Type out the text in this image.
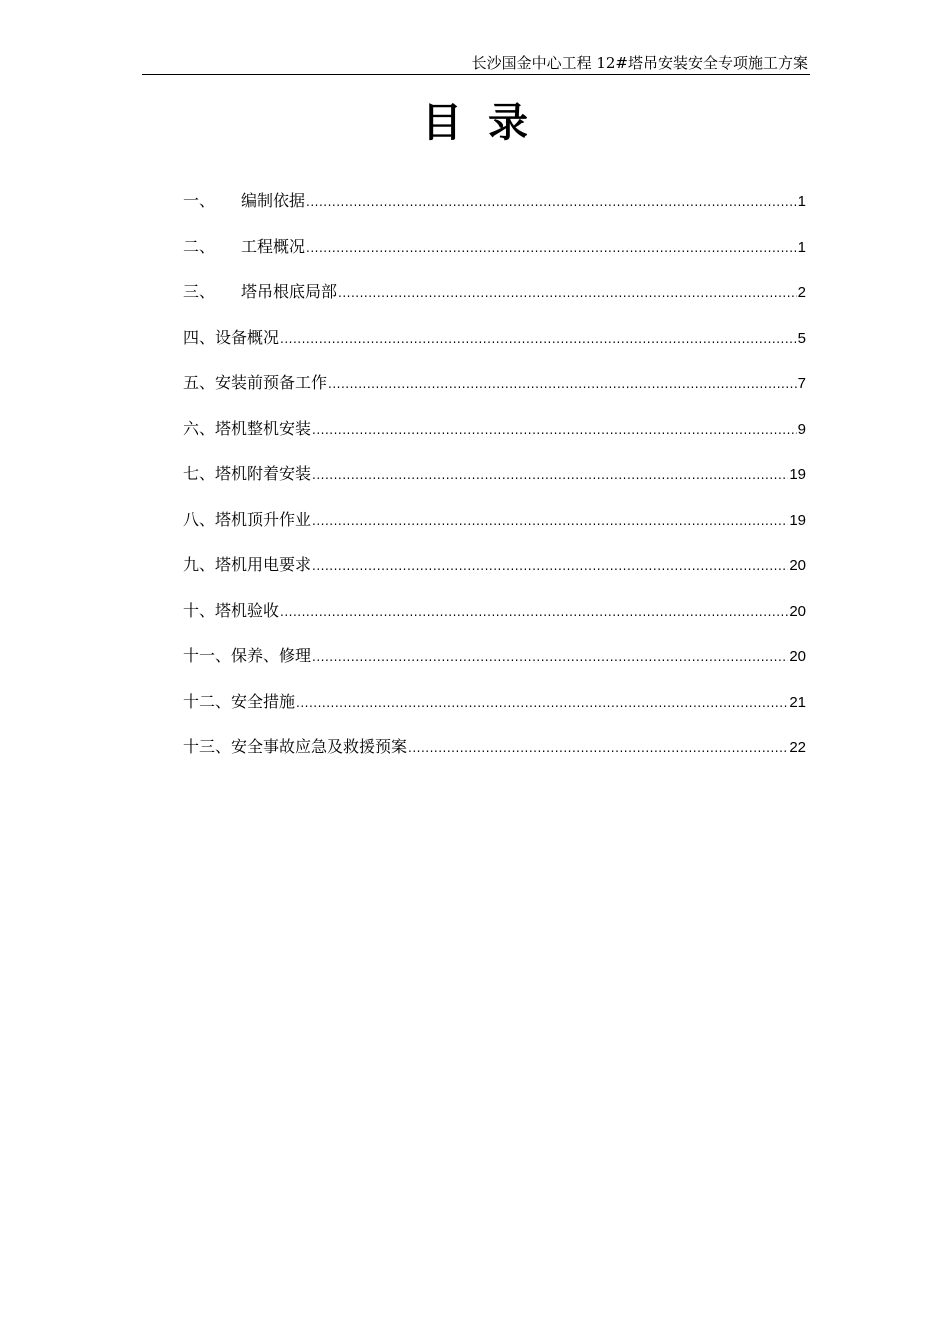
长沙国金中心工程 12#塔吊安装安全专项施工方案
目录
一、	编制依据 .....	1
二、	工程概况 .....	1
三、	塔吊根底局部 .....	2
四、 设备概况 .....	5
五、 安装前预备工作 .....	7
六、 塔机整机安装 .....	9
七、 塔机附着安装 .....	19
八、 塔机顶升作业 .....	19
九、 塔机用电要求 .....	20
十、 塔机验收 .....	20
十一、 保养、修理 .....	20
十二、 安全措施 .....	21
十三、 安全事故应急及救援预案 .....	22
